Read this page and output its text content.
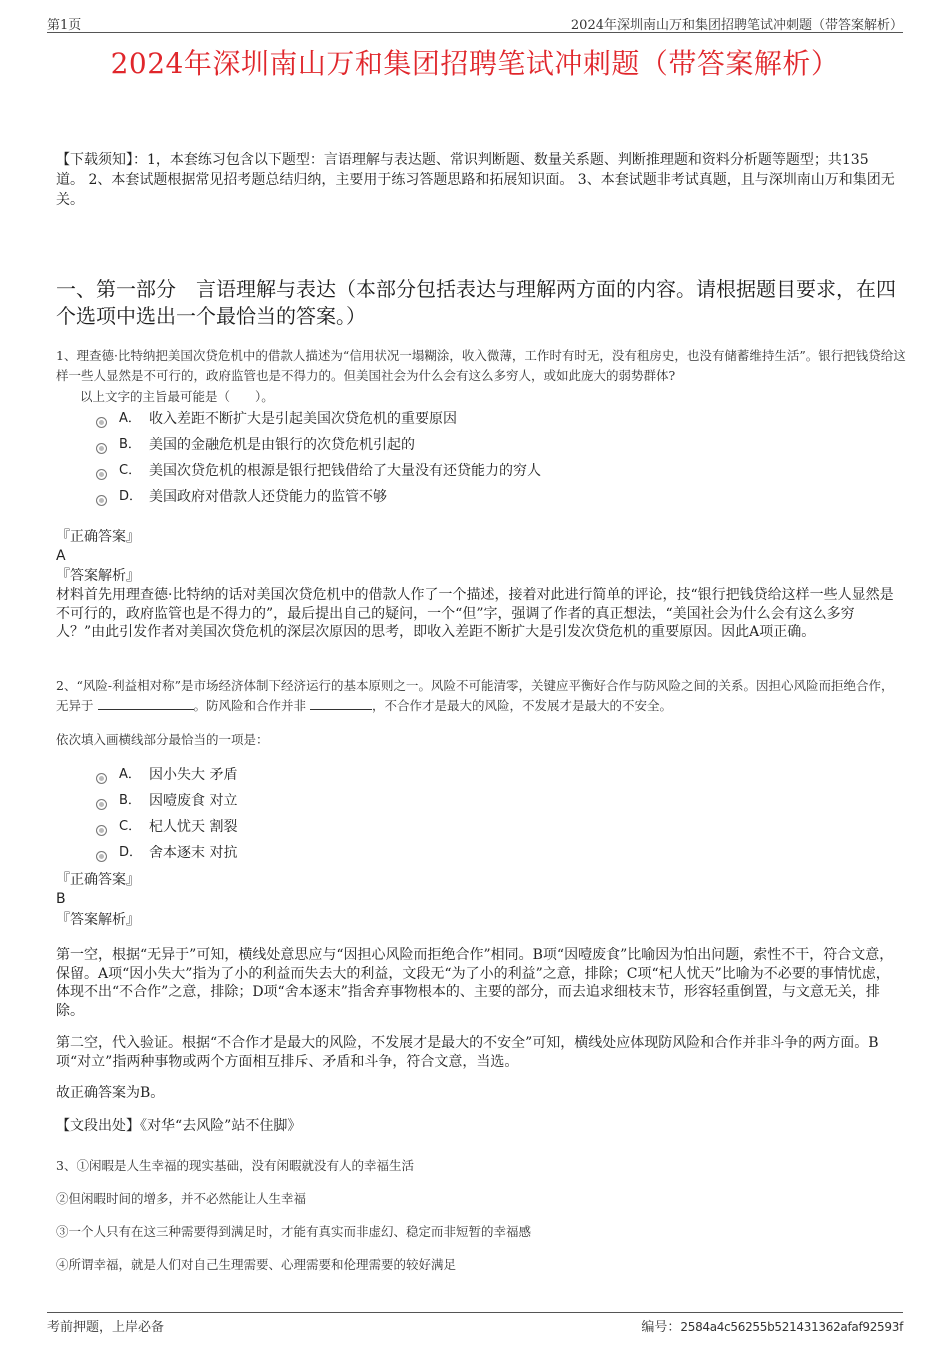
第1页	2024年深圳南山万和集团招聘笔试冲刺题（带答案解析）
2024年深圳南山万和集团招聘笔试冲刺题（带答案解析）
【下载须知】：1，本套练习包含以下题型：言语理解与表达题、常识判断题、数量关系题、判断推理题和资料分析题等题型；共135道。 2、本套试题根据常见招考题总结归纳，主要用于练习答题思路和拓展知识面。 3、本套试题非考试真题，且与深圳南山万和集团无关。
一、第一部分　言语理解与表达（本部分包括表达与理解两方面的内容。请根据题目要求，在四个选项中选出一个最恰当的答案。）
1、理查德·比特纳把美国次贷危机中的借款人描述为“信用状况一塌糊涂，收入微薄，工作时有时无，没有租房史，也没有储蓄维持生活”。银行把钱贷给这样一些人显然是不可行的，政府监管也是不得力的。但美国社会为什么会有这么多穷人，或如此庞大的弱势群体?
以上文字的主旨最可能是（　　）。
A． 收入差距不断扩大是引起美国次贷危机的重要原因
B． 美国的金融危机是由银行的次贷危机引起的
C． 美国次贷危机的根源是银行把钱借给了大量没有还贷能力的穷人
D． 美国政府对借款人还贷能力的监管不够
『正确答案』
A
『答案解析』
材料首先用理查德·比特纳的话对美国次贷危机中的借款人作了一个描述，接着对此进行简单的评论，技“银行把钱贷给这样一些人显然是不可行的，政府监管也是不得力的”，最后提出自己的疑问，一个“但”字，强调了作者的真正想法，“美国社会为什么会有这么多穷人？”由此引发作者对美国次贷危机的深层次原因的思考，即收入差距不断扩大是引发次贷危机的重要原因。因此A项正确。
2、“风险-利益相对称”是市场经济体制下经济运行的基本原则之一。风险不可能清零，关键应平衡好合作与防风险之间的关系。因担心风险而拒绝合作，无异于	。防风险和合作并非	，不合作才是最大的风险，不发展才是最大的不安全。
依次填入画横线部分最恰当的一项是：
A． 因小失大 矛盾
B． 因噎废食 对立
C． 杞人忧天 割裂
D． 舍本逐末 对抗
『正确答案』
B
『答案解析』
第一空，根据“无异于”可知，横线处意思应与“因担心风险而拒绝合作”相同。B项“因噎废食”比喻因为怕出问题，索性不干，符合文意，保留。A项“因小失大”指为了小的利益而失去大的利益，文段无“为了小的利益”之意，排除；C项“杞人忧天”比喻为不必要的事情忧虑，体现不出“不合作”之意，排除；D项“舍本逐末”指舍弃事物根本的、主要的部分，而去追求细枝末节，形容轻重倒置，与文意无关，排除。
第二空，代入验证。根据“不合作才是最大的风险，不发展才是最大的不安全”可知，横线处应体现防风险和合作并非斗争的两方面。B项“对立”指两种事物或两个方面相互排斥、矛盾和斗争，符合文意，当选。
故正确答案为B。
【文段出处】《对华“去风险”站不住脚》
3、①闲暇是人生幸福的现实基础，没有闲暇就没有人的幸福生活
②但闲暇时间的增多，并不必然能让人生幸福
③一个人只有在这三种需要得到满足时，才能有真实而非虚幻、稳定而非短暂的幸福感
④所谓幸福，就是人们对自己生理需要、心理需要和伦理需要的较好满足
考前押题，上岸必备	编号：2584a4c56255b521431362afaf92593f
